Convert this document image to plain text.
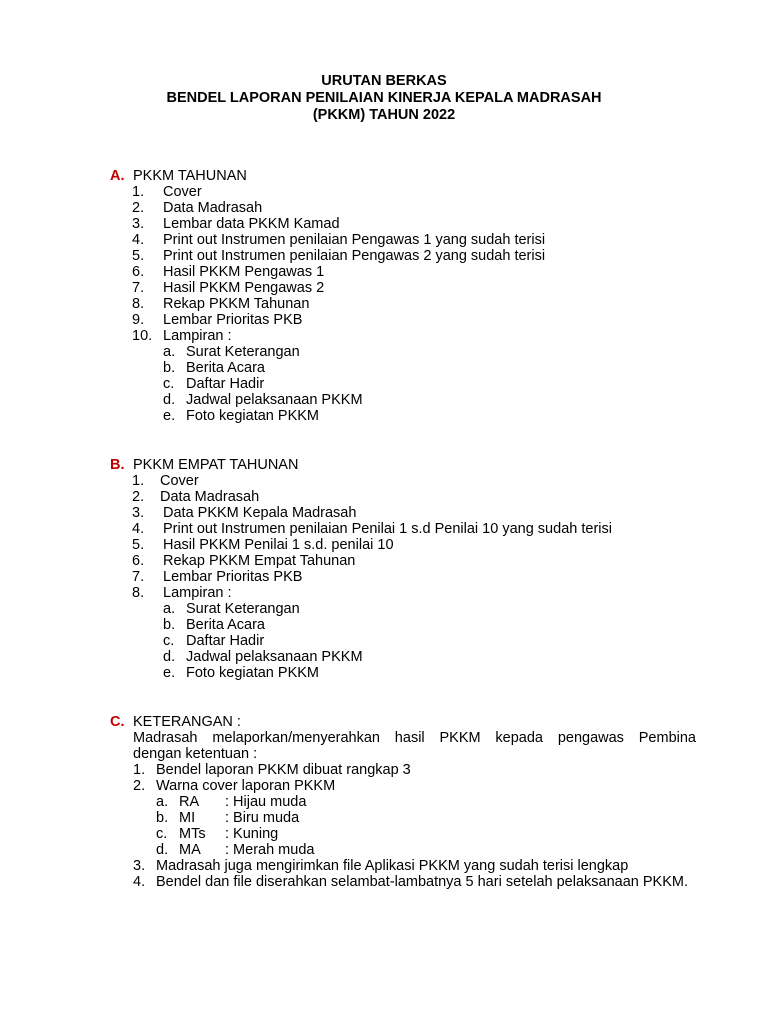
URUTAN BERKAS
BENDEL LAPORAN PENILAIAN KINERJA KEPALA MADRASAH
(PKKM) TAHUN 2022
A. PKKM TAHUNAN
1. Cover
2. Data Madrasah
3. Lembar data PKKM Kamad
4. Print out Instrumen penilaian Pengawas 1 yang sudah terisi
5. Print out Instrumen penilaian Pengawas 2 yang sudah terisi
6. Hasil PKKM Pengawas 1
7. Hasil PKKM Pengawas 2
8. Rekap PKKM Tahunan
9. Lembar Prioritas PKB
10. Lampiran :
a. Surat Keterangan
b. Berita Acara
c. Daftar Hadir
d. Jadwal pelaksanaan PKKM
e. Foto kegiatan PKKM
B. PKKM EMPAT TAHUNAN
1. Cover
2. Data Madrasah
3. Data PKKM Kepala Madrasah
4. Print out Instrumen penilaian Penilai 1 s.d Penilai 10 yang sudah terisi
5. Hasil PKKM Penilai 1 s.d. penilai 10
6. Rekap PKKM Empat Tahunan
7. Lembar Prioritas PKB
8. Lampiran :
a. Surat Keterangan
b. Berita Acara
c. Daftar Hadir
d. Jadwal pelaksanaan PKKM
e. Foto kegiatan PKKM
C. KETERANGAN :
Madrasah melaporkan/menyerahkan hasil PKKM kepada pengawas Pembina
dengan ketentuan :
1. Bendel laporan PKKM dibuat rangkap 3
2. Warna cover laporan PKKM
a. RA : Hijau muda
b. MI : Biru muda
c. MTs : Kuning
d. MA : Merah muda
3. Madrasah juga mengirimkan file Aplikasi PKKM yang sudah terisi lengkap
4. Bendel dan file diserahkan selambat-lambatnya 5 hari setelah pelaksanaan PKKM.
